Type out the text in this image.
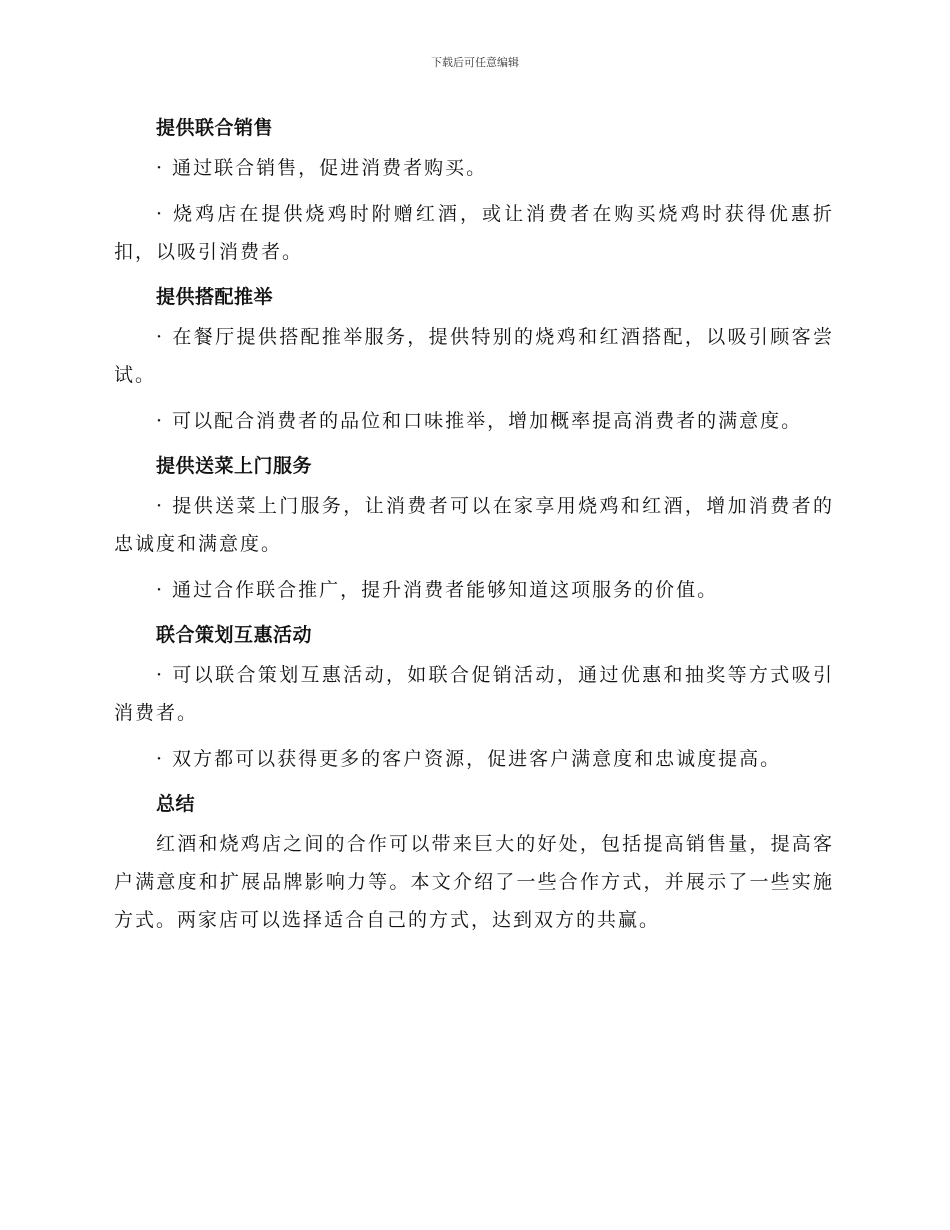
下载后可任意编辑
提供联合销售

· 通过联合销售，促进消费者购买。

· 烧鸡店在提供烧鸡时附赠红酒，或让消费者在购买烧鸡时获得优惠折扣，以吸引消费者。

提供搭配推举

· 在餐厅提供搭配推举服务，提供特别的烧鸡和红酒搭配，以吸引顾客尝试。

· 可以配合消费者的品位和口味推举，增加概率提高消费者的满意度。

提供送菜上门服务

· 提供送菜上门服务，让消费者可以在家享用烧鸡和红酒，增加消费者的忠诚度和满意度。

· 通过合作联合推广，提升消费者能够知道这项服务的价值。

联合策划互惠活动

· 可以联合策划互惠活动，如联合促销活动，通过优惠和抽奖等方式吸引消费者。

· 双方都可以获得更多的客户资源，促进客户满意度和忠诚度提高。

总结

红酒和烧鸡店之间的合作可以带来巨大的好处，包括提高销售量，提高客户满意度和扩展品牌影响力等。本文介绍了一些合作方式，并展示了一些实施方式。两家店可以选择适合自己的方式，达到双方的共赢。
